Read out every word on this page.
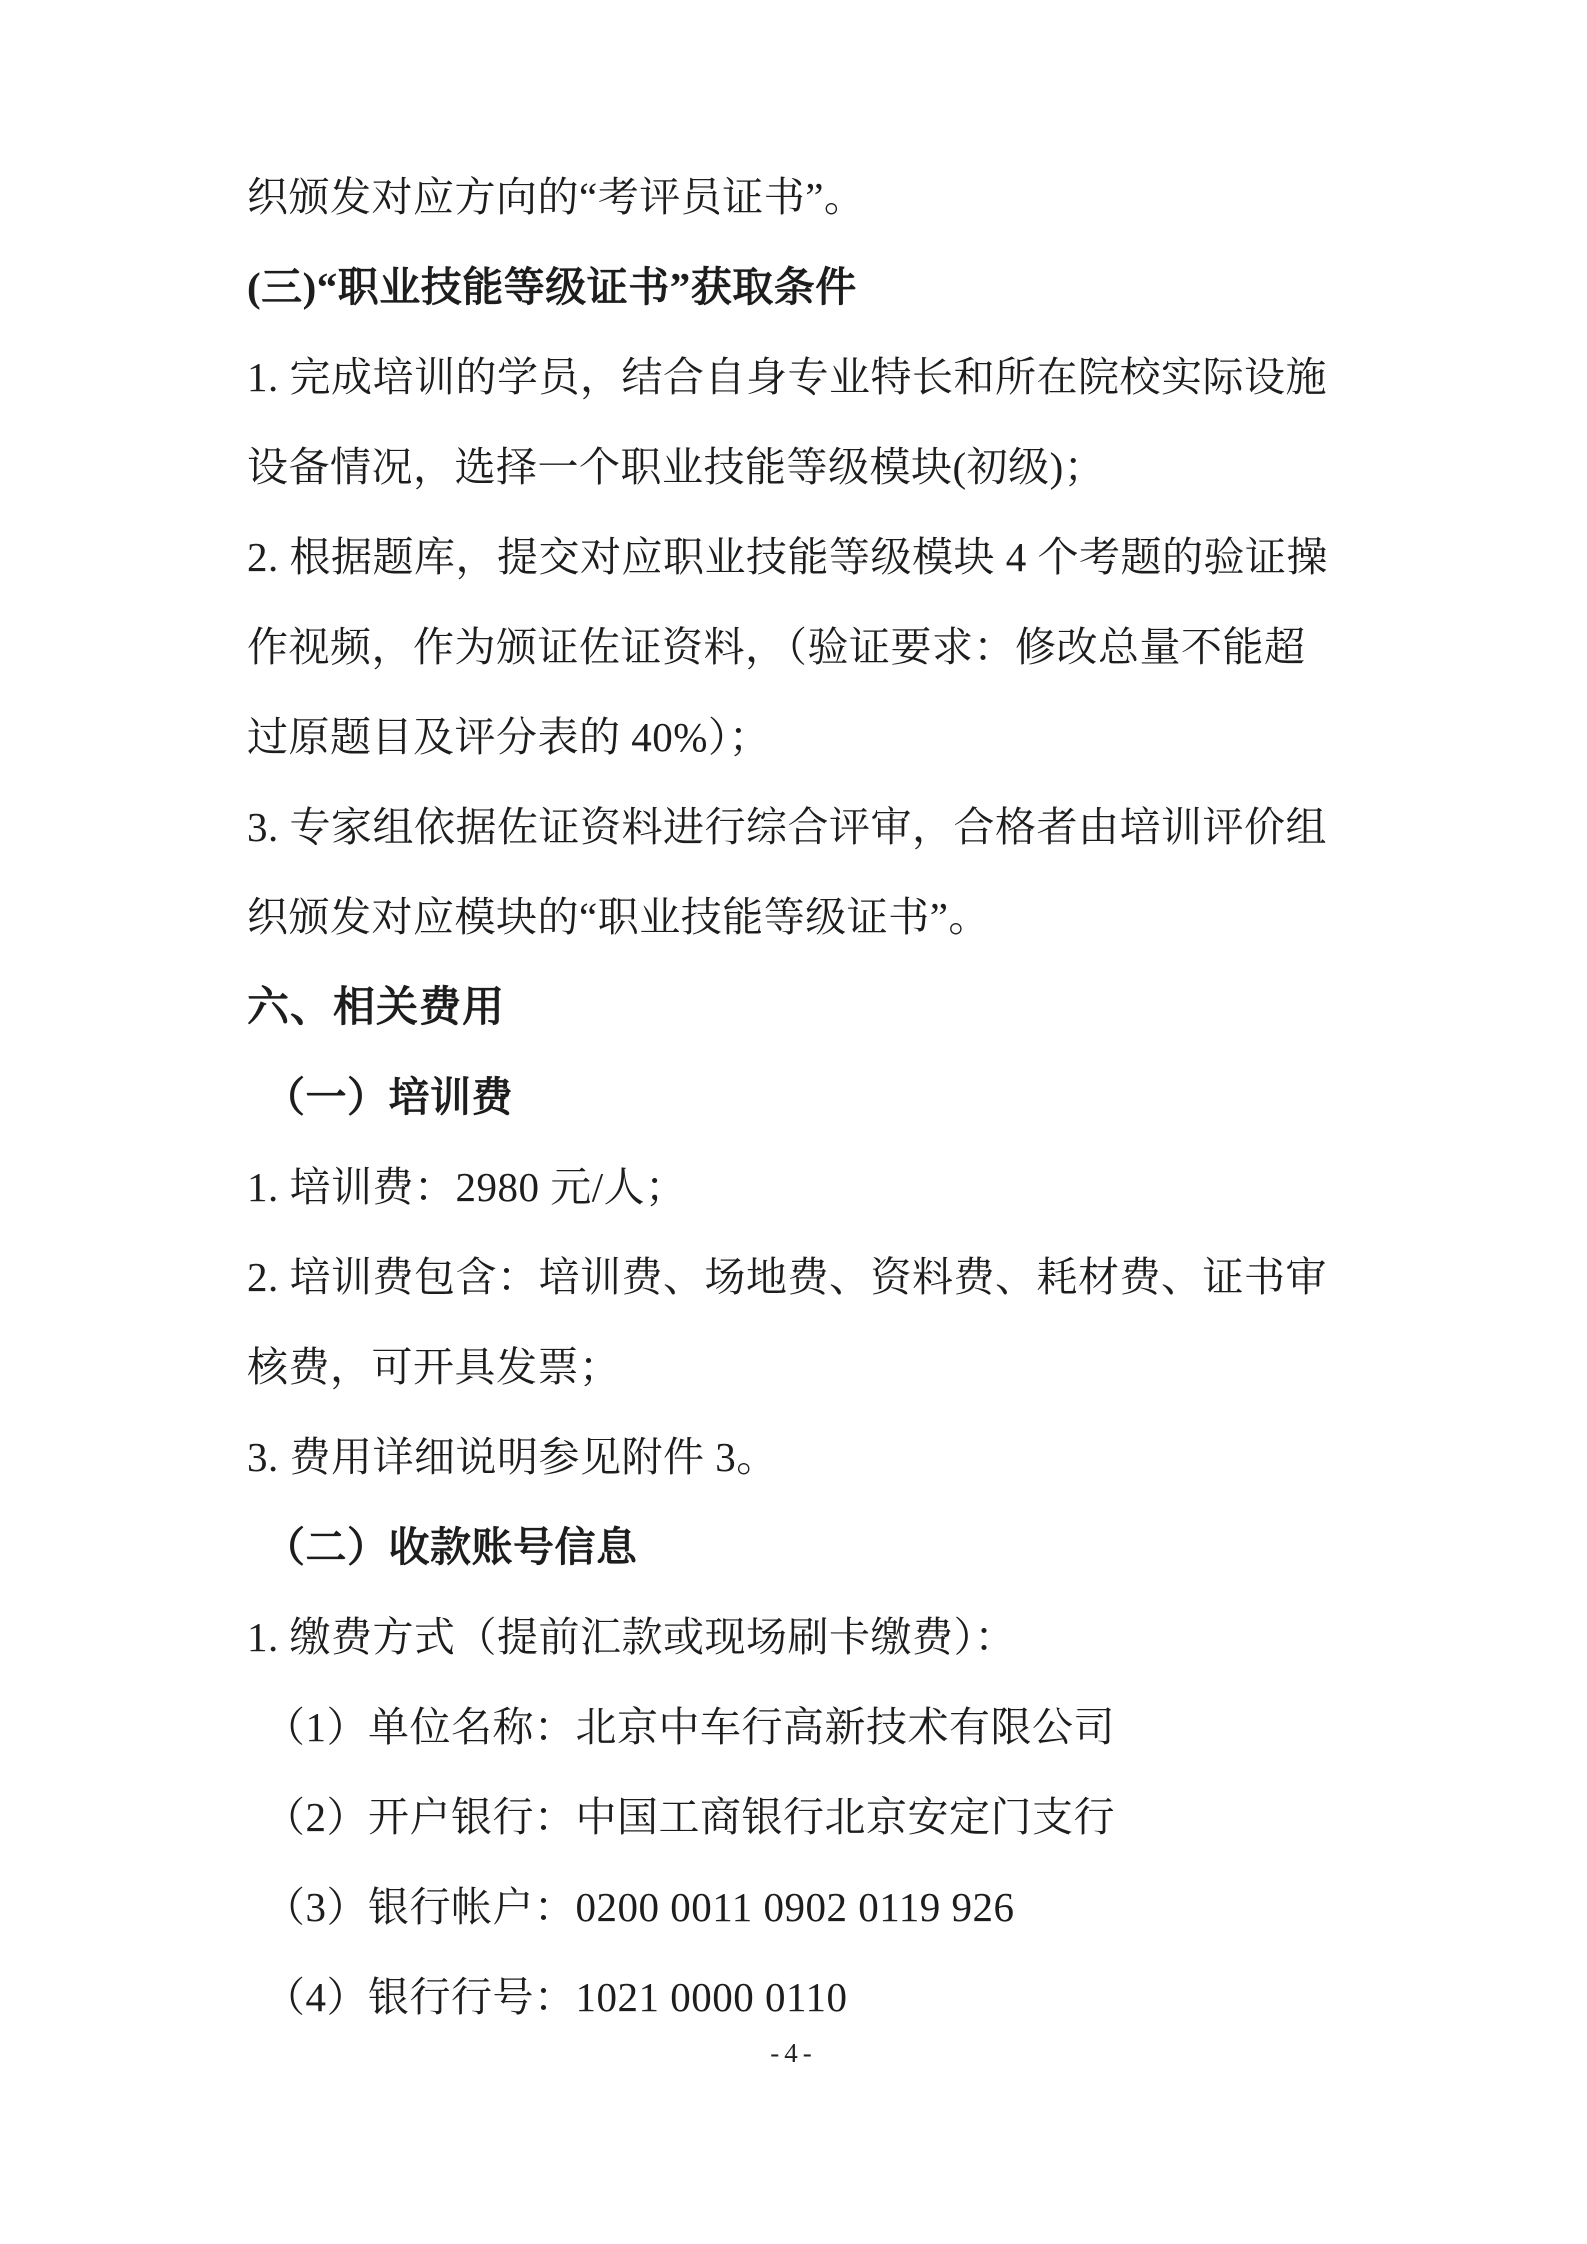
织颁发对应方向的“考评员证书”。

(三)“职业技能等级证书”获取条件

1. 完成培训的学员，结合自身专业特长和所在院校实际设施

设备情况，选择一个职业技能等级模块(初级)；

2. 根据题库，提交对应职业技能等级模块 4 个考题的验证操

作视频，作为颁证佐证资料，（验证要求：修改总量不能超

过原题目及评分表的 40%）；

3. 专家组依据佐证资料进行综合评审，合格者由培训评价组

织颁发对应模块的“职业技能等级证书”。

六、相关费用

（一）培训费

1. 培训费：2980 元/人；

2. 培训费包含：培训费、场地费、资料费、耗材费、证书审

核费，可开具发票；

3. 费用详细说明参见附件 3。

（二）收款账号信息

1. 缴费方式（提前汇款或现场刷卡缴费）：

（1）单位名称：北京中车行高新技术有限公司

（2）开户银行：中国工商银行北京安定门支行

（3）银行帐户：0200 0011 0902 0119 926

（4）银行行号：1021 0000 0110

-4-
